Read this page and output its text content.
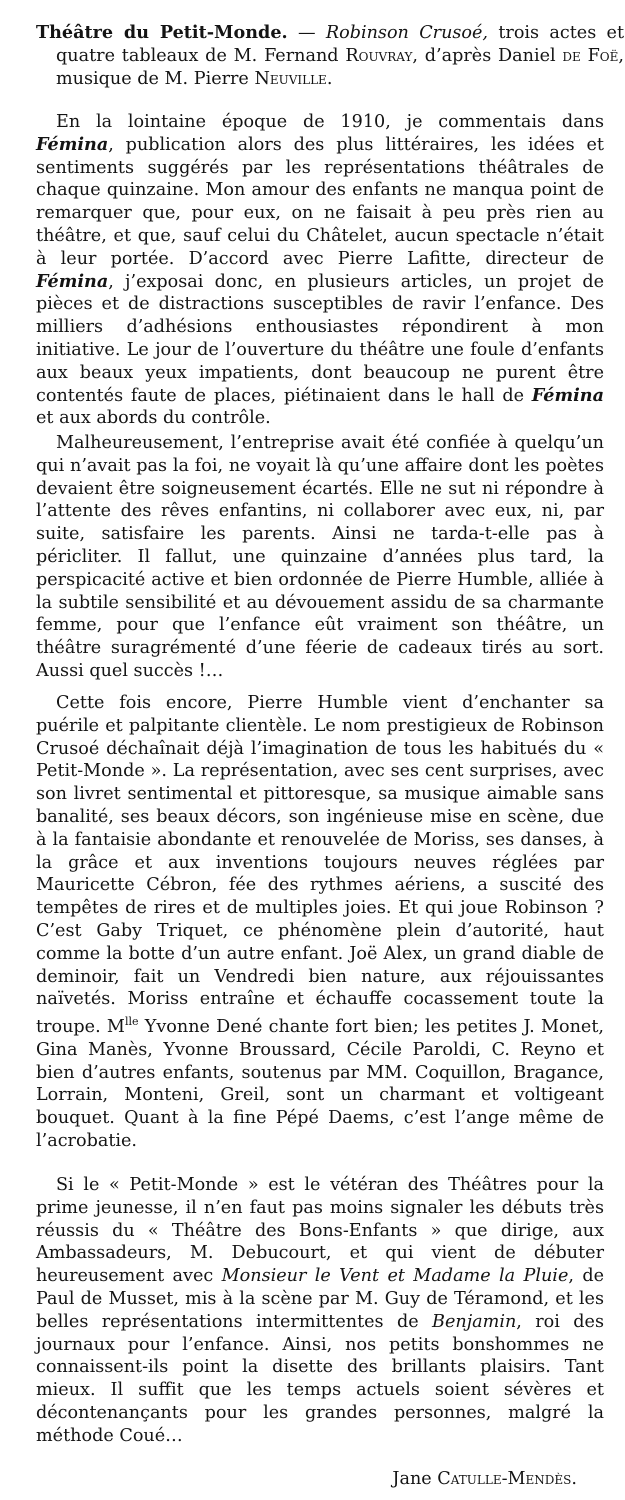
Théâtre du Petit-Monde. — Robinson Crusoé, trois actes et quatre tableaux de M. Fernand Rouvray, d’après Daniel de Foë, musique de M. Pierre Neuville.

En la lointaine époque de 1910, je commentais dans Fémina, publication alors des plus littéraires, les idées et sentiments suggérés par les représentations théâtrales de chaque quinzaine. Mon amour des enfants ne manqua point de remarquer que, pour eux, on ne faisait à peu près rien au théâtre, et que, sauf celui du Châtelet, aucun spectacle n’était à leur portée. D’accord avec Pierre Lafitte, directeur de Fémina, j’exposai donc, en plusieurs articles, un projet de pièces et de distractions susceptibles de ravir l’enfance. Des milliers d’adhésions enthousiastes répondirent à mon initiative. Le jour de l’ouverture du théâtre une foule d’enfants aux beaux yeux impatients, dont beaucoup ne purent être contentés faute de places, piétinaient dans le hall de Fémina et aux abords du contrôle.

Malheureusement, l’entreprise avait été confiée à quelqu’un qui n’avait pas la foi, ne voyait là qu’une affaire dont les poètes devaient être soigneusement écartés. Elle ne sut ni répondre à l’attente des rêves enfantins, ni collaborer avec eux, ni, par suite, satisfaire les parents. Ainsi ne tarda-t-elle pas à péricliter. Il fallut, une quinzaine d’années plus tard, la perspicacité active et bien ordonnée de Pierre Humble, alliée à la subtile sensibilité et au dévouement assidu de sa charmante femme, pour que l’enfance eût vraiment son théâtre, un théâtre suragrémenté d’une féerie de cadeaux tirés au sort. Aussi quel succès !…

Cette fois encore, Pierre Humble vient d’enchanter sa puérile et palpitante clientèle. Le nom prestigieux de Robinson Crusoé déchaînait déjà l’imagination de tous les habitués du « Petit-Monde ». La représentation, avec ses cent surprises, avec son livret sentimental et pittoresque, sa musique aimable sans banalité, ses beaux décors, son ingénieuse mise en scène, due à la fantaisie abondante et renouvelée de Moriss, ses danses, à la grâce et aux inventions toujours neuves réglées par Mauricette Cébron, fée des rythmes aériens, a suscité des tempêtes de rires et de multiples joies. Et qui joue Robinson ? C’est Gaby Triquet, ce phénomène plein d’autorité, haut comme la botte d’un autre enfant. Joë Alex, un grand diable de deminoir, fait un Vendredi bien nature, aux réjouissantes naïvetés. Moriss entraîne et échauffe cocassement toute la troupe. $M^{lle}$ Yvonne Dené chante fort bien; les petites J. Monet, Gina Manès, Yvonne Broussard, Cécile Paroldi, C. Reyno et bien d’autres enfants, soutenus par MM. Coquillon, Bragance, Lorrain, Monteni, Greil, sont un charmant et voltigeant bouquet. Quant à la fine Pépé Daems, c’est l’ange même de l’acrobatie.

Si le « Petit-Monde » est le vétéran des Théâtres pour la prime jeunesse, il n’en faut pas moins signaler les débuts très réussis du « Théâtre des Bons-Enfants » que dirige, aux Ambassadeurs, M. Debucourt, et qui vient de débuter heureusement avec Monsieur le Vent et Madame la Pluie, de Paul de Musset, mis à la scène par M. Guy de Téramond, et les belles représentations intermittentes de Benjamin, roi des journaux pour l’enfance. Ainsi, nos petits bonshommes ne connaissent-ils point la disette des brillants plaisirs. Tant mieux. Il suffit que les temps actuels soient sévères et décontenançants pour les grandes personnes, malgré la méthode Coué…

Jane Catulle-Mendès.
